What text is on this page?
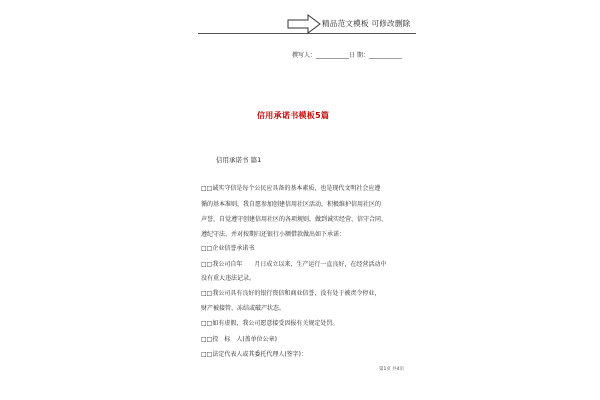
精品范文模板 可修改删除
撰写人：___________日 期：___________
信用承诺书模板5篇
信用承诺书 篇1
□□诚实守信是每个公民应具备的基本素质，也是现代文明社会应遵
循的基本准则，我自愿参加创建信用社区活动，积极维护信用社区的
声誉，自觉遵守创建信用社区的各项规则，做到诚实经营、信守合同、
遵纪守法、并对按期归还银行小额借款做出如下承诺：
□□企业信誉承诺书
□□我公司自年　　月日成立以来，生产运行一直良好，在经营活动中
没有重大违法记录。
□□我公司具有良好的银行资信和商业信誉，没有处于被责令停业，
财产被接管、冻结或破产状态。
□□如有虚假，我公司愿意接受因报有关规定处罚。
□□投　标　人(盖单位公章)
□□法定代表人或其委托代理人(签字)：
第1页 共4页
